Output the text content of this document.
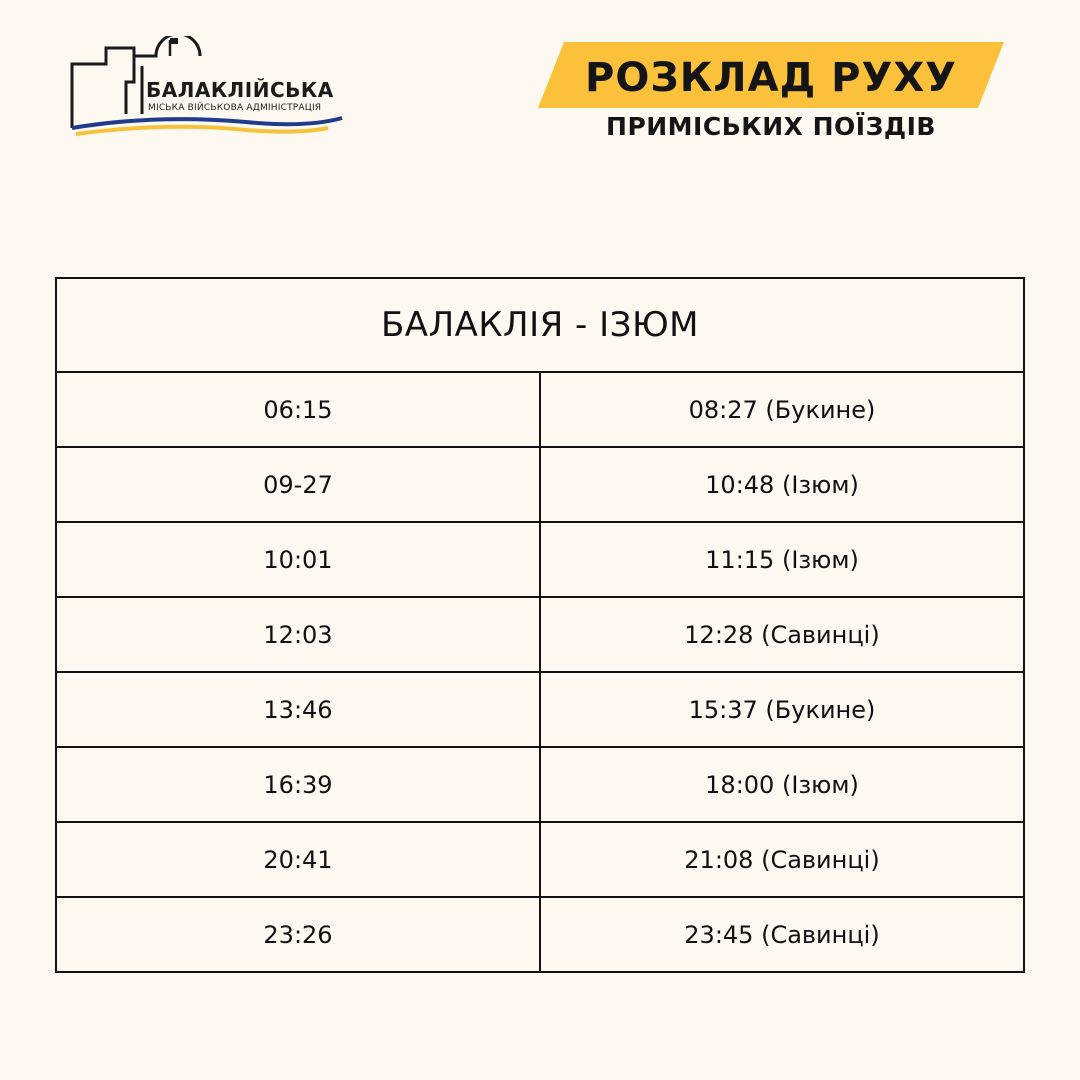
БАЛАКЛІЙСЬКА
МІСЬКА ВІЙСЬКОВА АДМІНІСТРАЦІЯ
РОЗКЛАД РУХУ
ПРИМІСЬКИХ ПОЇЗДІВ
БАЛАКЛІЯ - ІЗЮМ	
06:15	08:27 (Букине)
09-27	10:48 (Ізюм)
10:01	11:15 (Ізюм)
12:03	12:28 (Савинці)
13:46	15:37 (Букине)
16:39	18:00 (Ізюм)
20:41	21:08 (Савинці)
23:26	23:45 (Савинці)
